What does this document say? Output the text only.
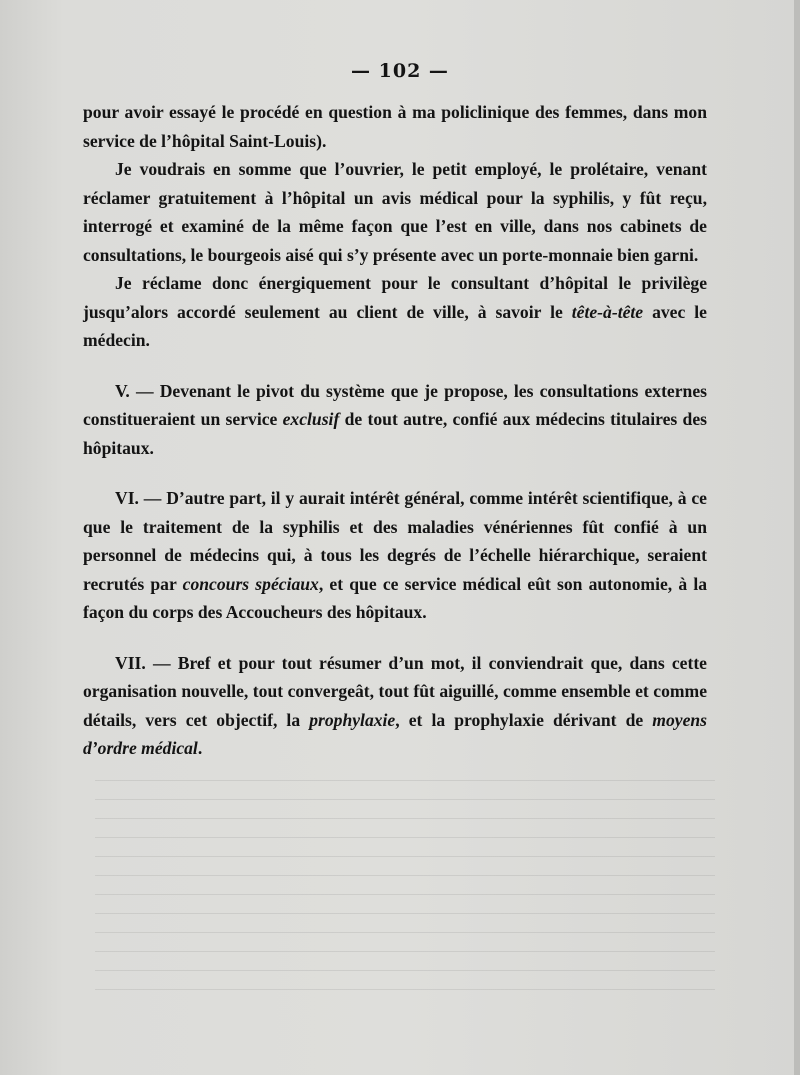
— 102 —

pour avoir essayé le procédé en question à ma policlinique des femmes, dans mon service de l’hôpital Saint-Louis).

Je voudrais en somme que l’ouvrier, le petit employé, le prolétaire, venant réclamer gratuitement à l’hôpital un avis médical pour la syphilis, y fût reçu, interrogé et examiné de la même façon que l’est en ville, dans nos cabinets de consultations, le bourgeois aisé qui s’y présente avec un porte-monnaie bien garni.

Je réclame donc énergiquement pour le consultant d’hôpital le privilège jusqu’alors accordé seulement au client de ville, à savoir le tête-à-tête avec le médecin.

V. — Devenant le pivot du système que je propose, les consultations externes constitueraient un service exclusif de tout autre, confié aux médecins titulaires des hôpitaux.

VI. — D’autre part, il y aurait intérêt général, comme intérêt scientifique, à ce que le traitement de la syphilis et des maladies vénériennes fût confié à un personnel de médecins qui, à tous les degrés de l’échelle hiérarchique, seraient recrutés par concours spéciaux, et que ce service médical eût son autonomie, à la façon du corps des Accoucheurs des hôpitaux.

VII. — Bref et pour tout résumer d’un mot, il conviendrait que, dans cette organisation nouvelle, tout convergeât, tout fût aiguillé, comme ensemble et comme détails, vers cet objectif, la prophylaxie, et la prophylaxie dérivant de moyens d’ordre médical.
